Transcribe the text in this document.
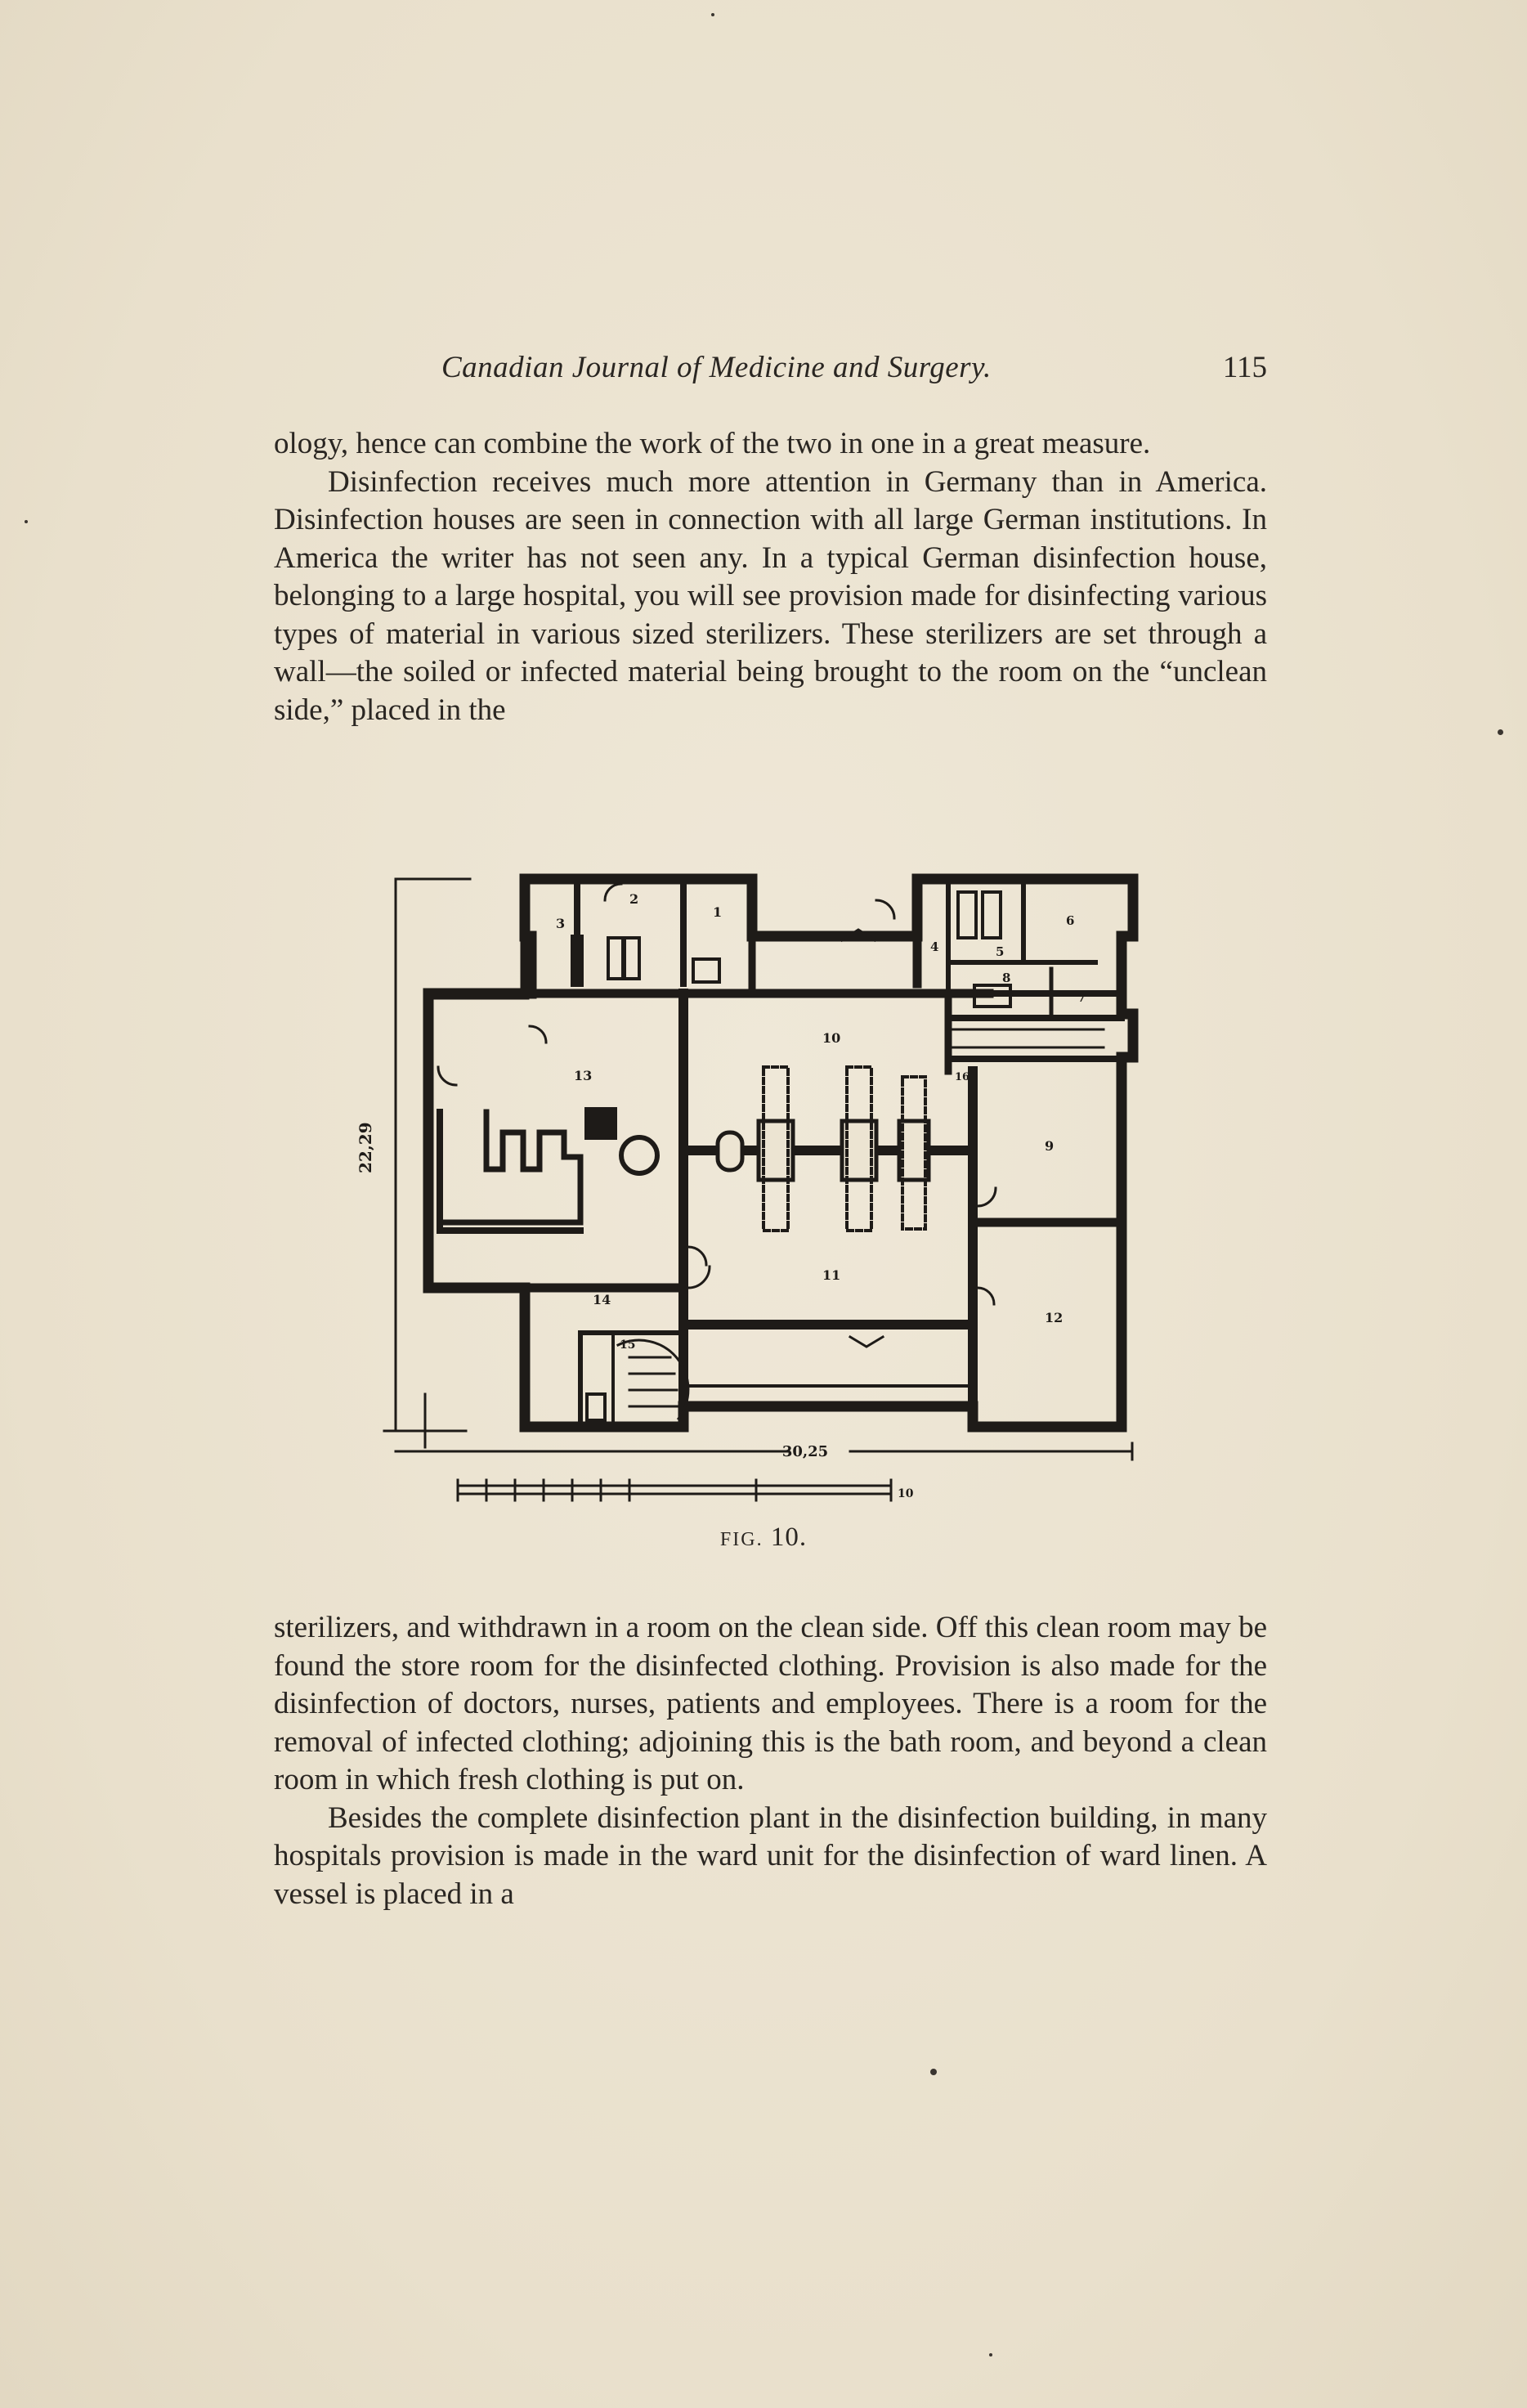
Canadian Journal of Medicine and Surgery.	115

ology, hence can combine the work of the two in one in a great measure.

Disinfection receives much more attention in Germany than in America. Disinfection houses are seen in connection with all large German institutions. In America the writer has not seen any. In a typical German disinfection house, belonging to a large hospital, you will see provision made for disinfecting various types of material in various sized sterilizers. These sterilizers are set through a wall—the soiled or infected material being brought to the room on the “unclean side,” placed in the

22,29
30,25
1
2
3
4	5
6
7
8
9
10
11
12
13
14
15
16
10
FIG. 10.

sterilizers, and withdrawn in a room on the clean side. Off this clean room may be found the store room for the disinfected clothing. Provision is also made for the disinfection of doctors, nurses, patients and employees. There is a room for the removal of infected clothing; adjoining this is the bath room, and beyond a clean room in which fresh clothing is put on.

Besides the complete disinfection plant in the disinfection building, in many hospitals provision is made in the ward unit for the disinfection of ward linen. A vessel is placed in a
